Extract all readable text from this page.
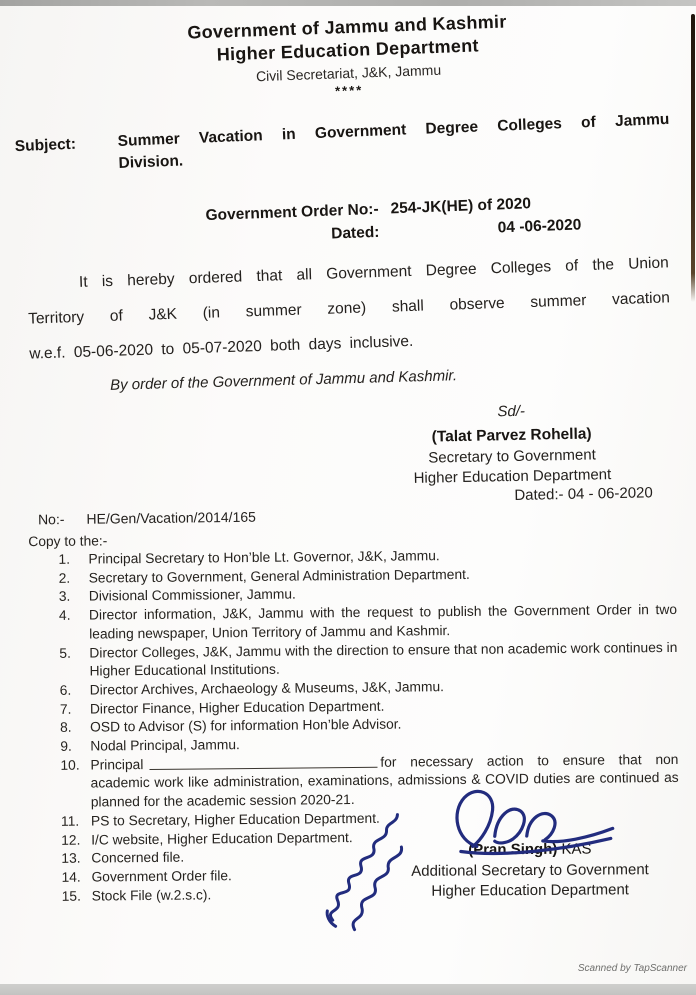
Government of Jammu and Kashmir
Higher Education Department
Civil Secretariat, J&K, Jammu
****
Subject:	Summer Vacation in Government Degree Colleges of Jammu
Division.
Government Order No:- 254-JK(HE) of 2020
Dated:	04 -06-2020
It is hereby ordered that all Government Degree Colleges of the Union
Territory of J&K (in summer zone) shall observe summer vacation
w.e.f. 05-06-2020 to 05-07-2020 both days inclusive.
By order of the Government of Jammu and Kashmir.
Sd/-
(Talat Parvez Rohella)
Secretary to Government
Higher Education Department
Dated:- 04 - 06-2020
No:- HE/Gen/Vacation/2014/165
Copy to the:-
1.	Principal Secretary to Hon’ble Lt. Governor, J&K, Jammu.
2.	Secretary to Government, General Administration Department.
3.	Divisional Commissioner, Jammu.
4.	Director information, J&K, Jammu with the request to publish the Government Order in two leading newspaper, Union Territory of Jammu and Kashmir.
5.	Director Colleges, J&K, Jammu with the direction to ensure that non academic work continues in Higher Educational Institutions.
6.	Director Archives, Archaeology & Museums, J&K, Jammu.
7.	Director Finance, Higher Education Department.
8.	OSD to Advisor (S) for information Hon’ble Advisor.
9.	Nodal Principal, Jammu.
10. Principal	for necessary action to ensure that non academic work like administration, examinations, admissions & COVID duties are continued as planned for the academic session 2020-21.
11. PS to Secretary, Higher Education Department.
12. I/C website, Higher Education Department.
13. Concerned file.
14. Government Order file.
15. Stock File (w.2.s.c).
(Pran Singh) KAS
Additional Secretary to Government
Higher Education Department
Scanned by TapScanner
